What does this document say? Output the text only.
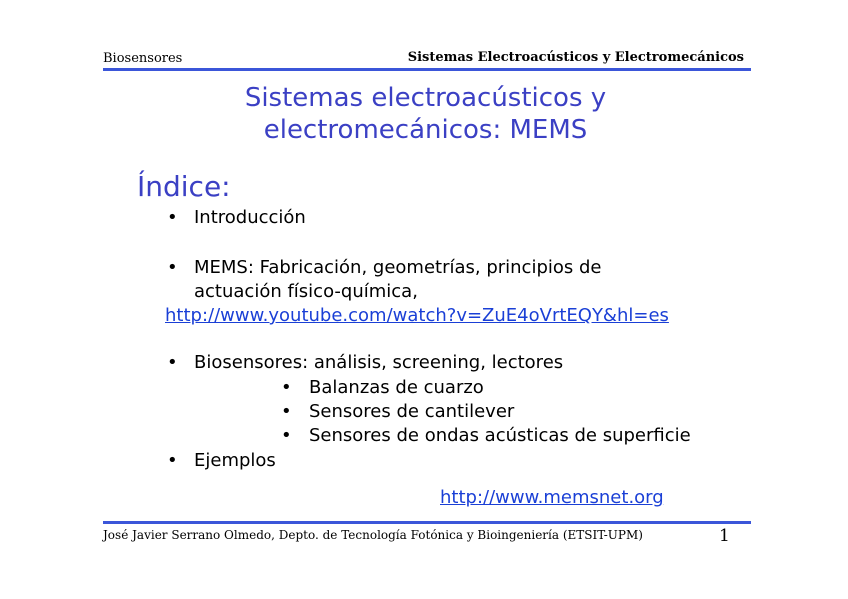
Biosensores	Sistemas Electroacústicos y Electromecánicos
Sistemas electroacústicos y
electromecánicos: MEMS
Índice:
• Introducción
• MEMS: Fabricación, geometrías, principios de
actuación físico-química,
http://www.youtube.com/watch?v=ZuE4oVrtEQY&hl=es
• Biosensores: análisis, screening, lectores
• Balanzas de cuarzo
• Sensores de cantilever
• Sensores de ondas acústicas de superficie
• Ejemplos
http://www.memsnet.org
José Javier Serrano Olmedo, Depto. de Tecnología Fotónica y Bioingeniería (ETSIT-UPM)	1
